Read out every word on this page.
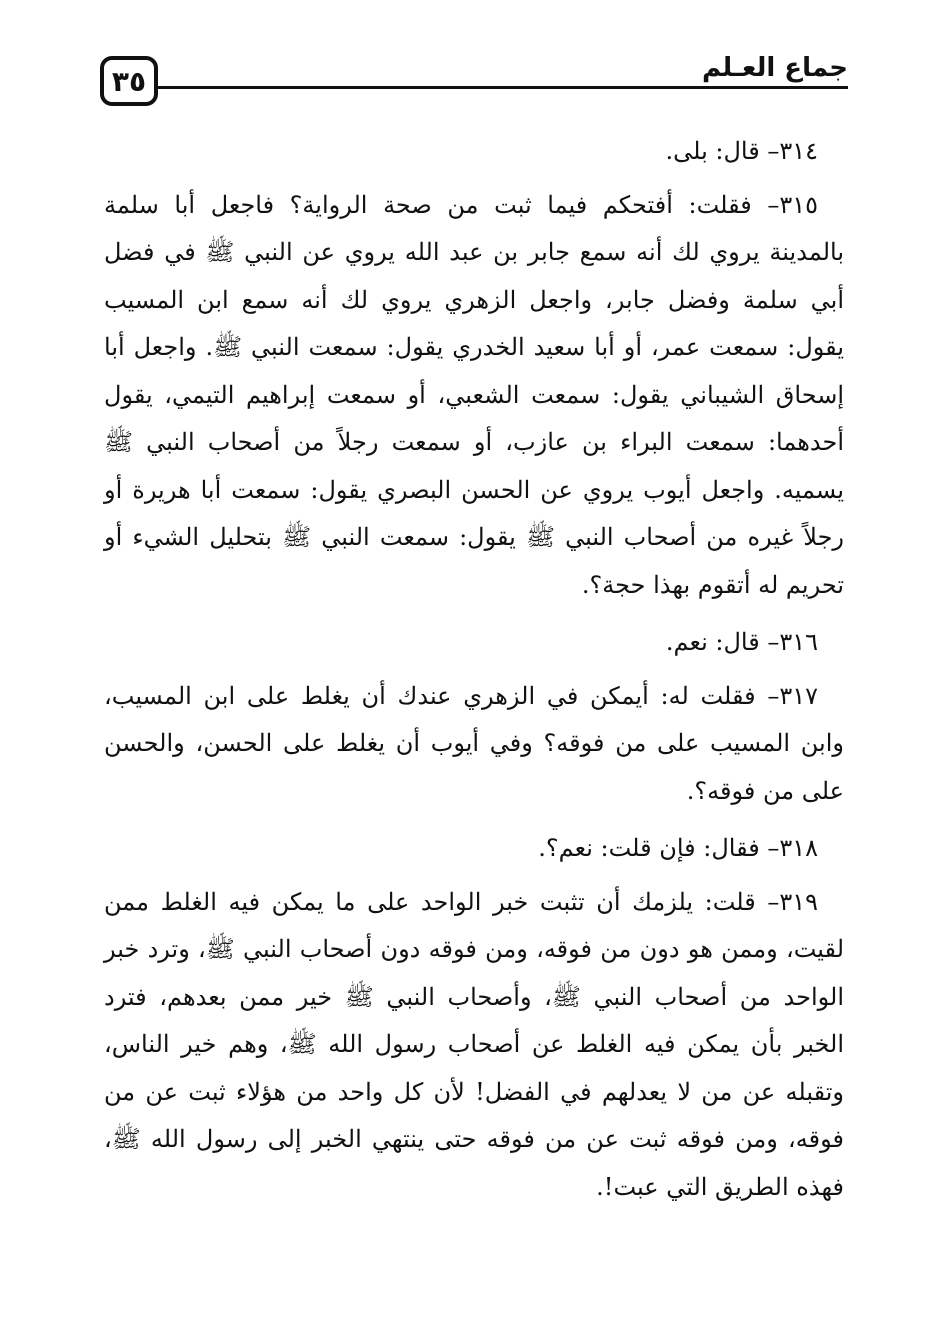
٣٥	جماع العـلم

٣١٤– قال: بلى.

٣١٥– فقلت: أفتحكم فيما ثبت من صحة الرواية؟ فاجعل أبا سلمة بالمدينة يروي لك أنه سمع جابر بن عبد الله يروي عن النبي ﷺ في فضل أبي سلمة وفضل جابر، واجعل الزهري يروي لك أنه سمع ابن المسيب يقول: سمعت عمر، أو أبا سعيد الخدري يقول: سمعت النبي ﷺ. واجعل أبا إسحاق الشيباني يقول: سمعت الشعبي، أو سمعت إبراهيم التيمي، يقول أحدهما: سمعت البراء بن عازب، أو سمعت رجلاً من أصحاب النبي ﷺ يسميه. واجعل أيوب يروي عن الحسن البصري يقول: سمعت أبا هريرة أو رجلاً غيره من أصحاب النبي ﷺ يقول: سمعت النبي ﷺ بتحليل الشيء أو تحريم له أتقوم بهذا حجة؟.

٣١٦– قال: نعم.

٣١٧– فقلت له: أيمكن في الزهري عندك أن يغلط على ابن المسيب، وابن المسيب على من فوقه؟ وفي أيوب أن يغلط على الحسن، والحسن على من فوقه؟.

٣١٨– فقال: فإن قلت: نعم؟.

٣١٩– قلت: يلزمك أن تثبت خبر الواحد على ما يمكن فيه الغلط ممن لقيت، وممن هو دون من فوقه، ومن فوقه دون أصحاب النبي ﷺ، وترد خبر الواحد من أصحاب النبي ﷺ، وأصحاب النبي ﷺ خير ممن بعدهم، فترد الخبر بأن يمكن فيه الغلط عن أصحاب رسول الله ﷺ، وهم خير الناس، وتقبله عن من لا يعدلهم في الفضل! لأن كل واحد من هؤلاء ثبت عن من فوقه، ومن فوقه ثبت عن من فوقه حتى ينتهي الخبر إلى رسول الله ﷺ، فهذه الطريق التي عبت!.
